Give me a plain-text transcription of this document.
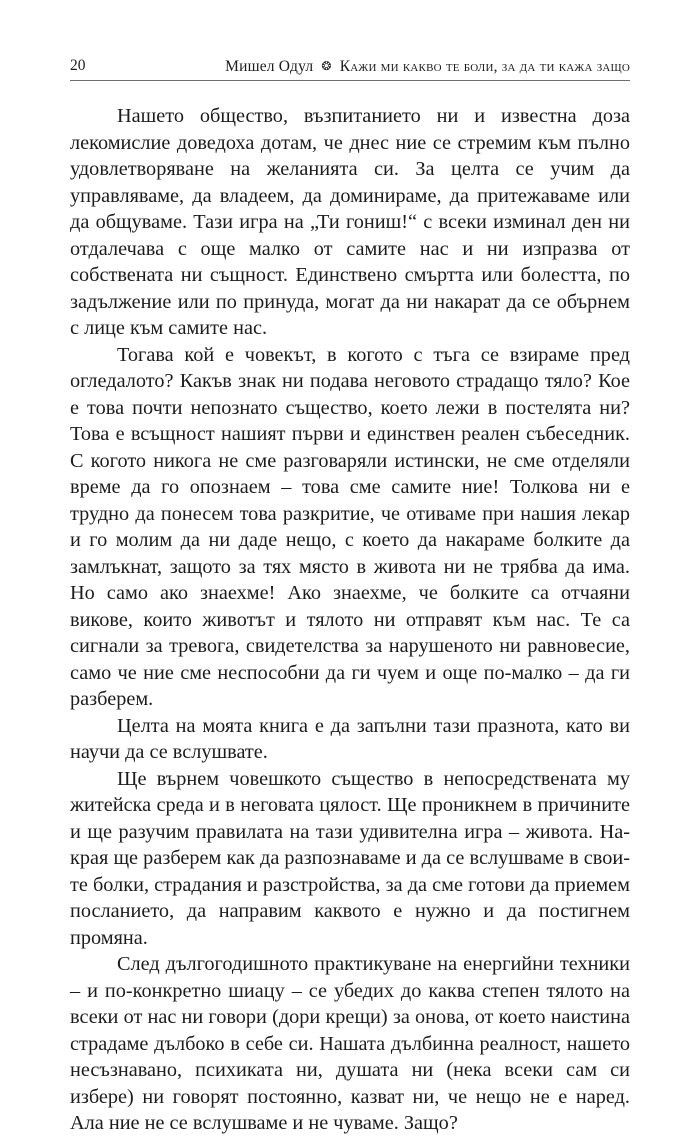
20	Мишел Одул ❂ Кажи ми какво те боли, за да ти кажа защо

Нашето общество, възпитанието ни и известна доза лекомислие доведоха дотам, че днес ние се стремим към пълно удовлетворяване на желанията си. За целта се учим да управляваме, да владеем, да доминираме, да притежаваме или да общуваме. Тази игра на „Ти гониш!“ с всеки изминал ден ни отдалечава с още малко от самите нас и ни изпразва от собствената ни същност. Единствено смъртта или болестта, по задължение или по принуда, могат да ни накарат да се обърнем с лице към самите нас.

Тогава кой е човекът, в когото с тъга се взираме пред огледалото? Какъв знак ни подава неговото страдащо тяло? Кое е това почти непознато същество, което лежи в постелята ни? Това е всъщност нашият първи и единствен реален събеседник. С когото никога не сме разговаряли истински, не сме отделяли време да го опознаем – това сме самите ние! Толкова ни е трудно да понесем това разкритие, че отиваме при нашия лекар и го молим да ни даде нещо, с което да накараме болките да замлъкнат, защото за тях място в живота ни не трябва да има. Но само ако знаехме! Ако знаехме, че болките са отчаяни викове, които животът и тялото ни отправят към нас. Те са сигнали за тревога, свидетелства за нарушеното ни равновесие, само че ние сме неспособни да ги чуем и още по-малко – да ги разберем.

Целта на моята книга е да запълни тази празнота, като ви научи да се вслушвате.

Ще върнем човешкото същество в непосредствената му житейска среда и в неговата цялост. Ще проникнем в причините и ще разучим правилата на тази удивителна игра – живота. Накрая ще разберем как да разпознаваме и да се вслушваме в своите болки, страдания и разстройства, за да сме готови да приемем посланието, да направим каквото е нужно и да постигнем промяна.

След дългогодишното практикуване на енергийни техники – и по-конкретно шиацу – се убедих до каква степен тялото на всеки от нас ни говори (дори крещи) за онова, от което наистина страдаме дълбоко в себе си. Нашата дълбинна реалност, нашето несъзнавано, психиката ни, душата ни (нека всеки сам си избере) ни говорят постоянно, казват ни, че нещо не е наред. Ала ние не се вслушваме и не чуваме. Защо?
